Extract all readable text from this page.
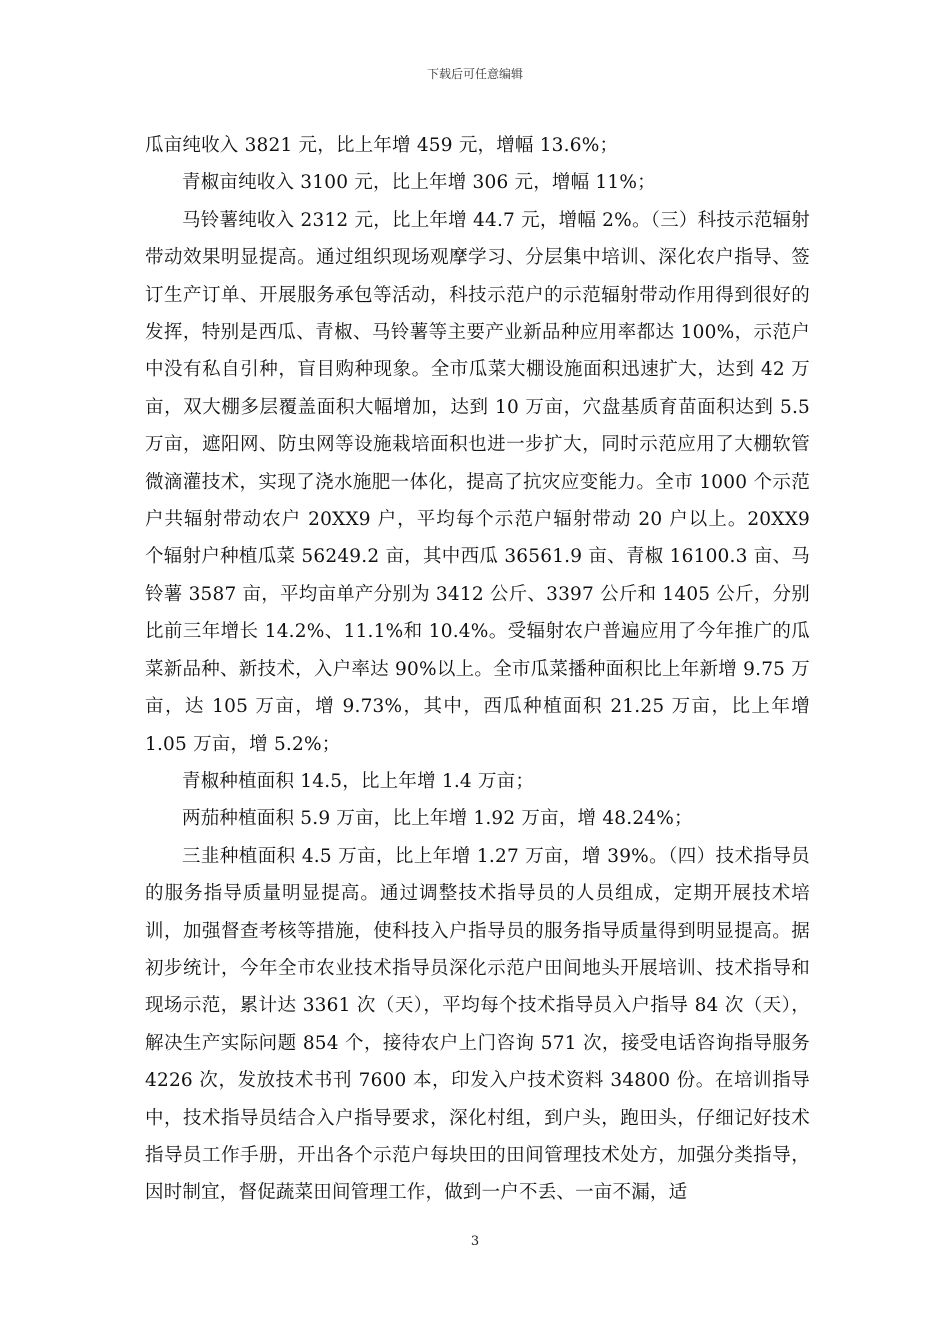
下载后可任意编辑

瓜亩纯收入 3821 元，比上年增 459 元，增幅 13.6%；

青椒亩纯收入 3100 元，比上年增 306 元，增幅 11%；

马铃薯纯收入 2312 元，比上年增 44.7 元，增幅 2%。（三）科技示范辐射带动效果明显提高。通过组织现场观摩学习、分层集中培训、深化农户指导、签订生产订单、开展服务承包等活动，科技示范户的示范辐射带动作用得到很好的发挥，特别是西瓜、青椒、马铃薯等主要产业新品种应用率都达 100%，示范户中没有私自引种，盲目购种现象。全市瓜菜大棚设施面积迅速扩大，达到 42 万亩，双大棚多层覆盖面积大幅增加，达到 10 万亩，穴盘基质育苗面积达到 5.5 万亩，遮阳网、防虫网等设施栽培面积也进一步扩大，同时示范应用了大棚软管微滴灌技术，实现了浇水施肥一体化，提高了抗灾应变能力。全市 1000 个示范户共辐射带动农户 20XX9 户，平均每个示范户辐射带动 20 户以上。20XX9 个辐射户种植瓜菜 56249.2 亩，其中西瓜 36561.9 亩、青椒 16100.3 亩、马铃薯 3587 亩，平均亩单产分别为 3412 公斤、3397 公斤和 1405 公斤，分别比前三年增长 14.2%、11.1%和 10.4%。受辐射农户普遍应用了今年推广的瓜菜新品种、新技术，入户率达 90%以上。全市瓜菜播种面积比上年新增 9.75 万亩，达 105 万亩，增 9.73%，其中，西瓜种植面积 21.25 万亩，比上年增 1.05 万亩，增 5.2%；

青椒种植面积 14.5，比上年增 1.4 万亩；

两茄种植面积 5.9 万亩，比上年增 1.92 万亩，增 48.24%；

三韭种植面积 4.5 万亩，比上年增 1.27 万亩，增 39%。（四）技术指导员的服务指导质量明显提高。通过调整技术指导员的人员组成，定期开展技术培训，加强督查考核等措施，使科技入户指导员的服务指导质量得到明显提高。据初步统计，今年全市农业技术指导员深化示范户田间地头开展培训、技术指导和现场示范，累计达 3361 次（天），平均每个技术指导员入户指导 84 次（天），解决生产实际问题 854 个，接待农户上门咨询 571 次，接受电话咨询指导服务 4226 次，发放技术书刊 7600 本，印发入户技术资料 34800 份。在培训指导中，技术指导员结合入户指导要求，深化村组，到户头，跑田头，仔细记好技术指导员工作手册，开出各个示范户每块田的田间管理技术处方，加强分类指导，因时制宜，督促蔬菜田间管理工作，做到一户不丢、一亩不漏，适

3
